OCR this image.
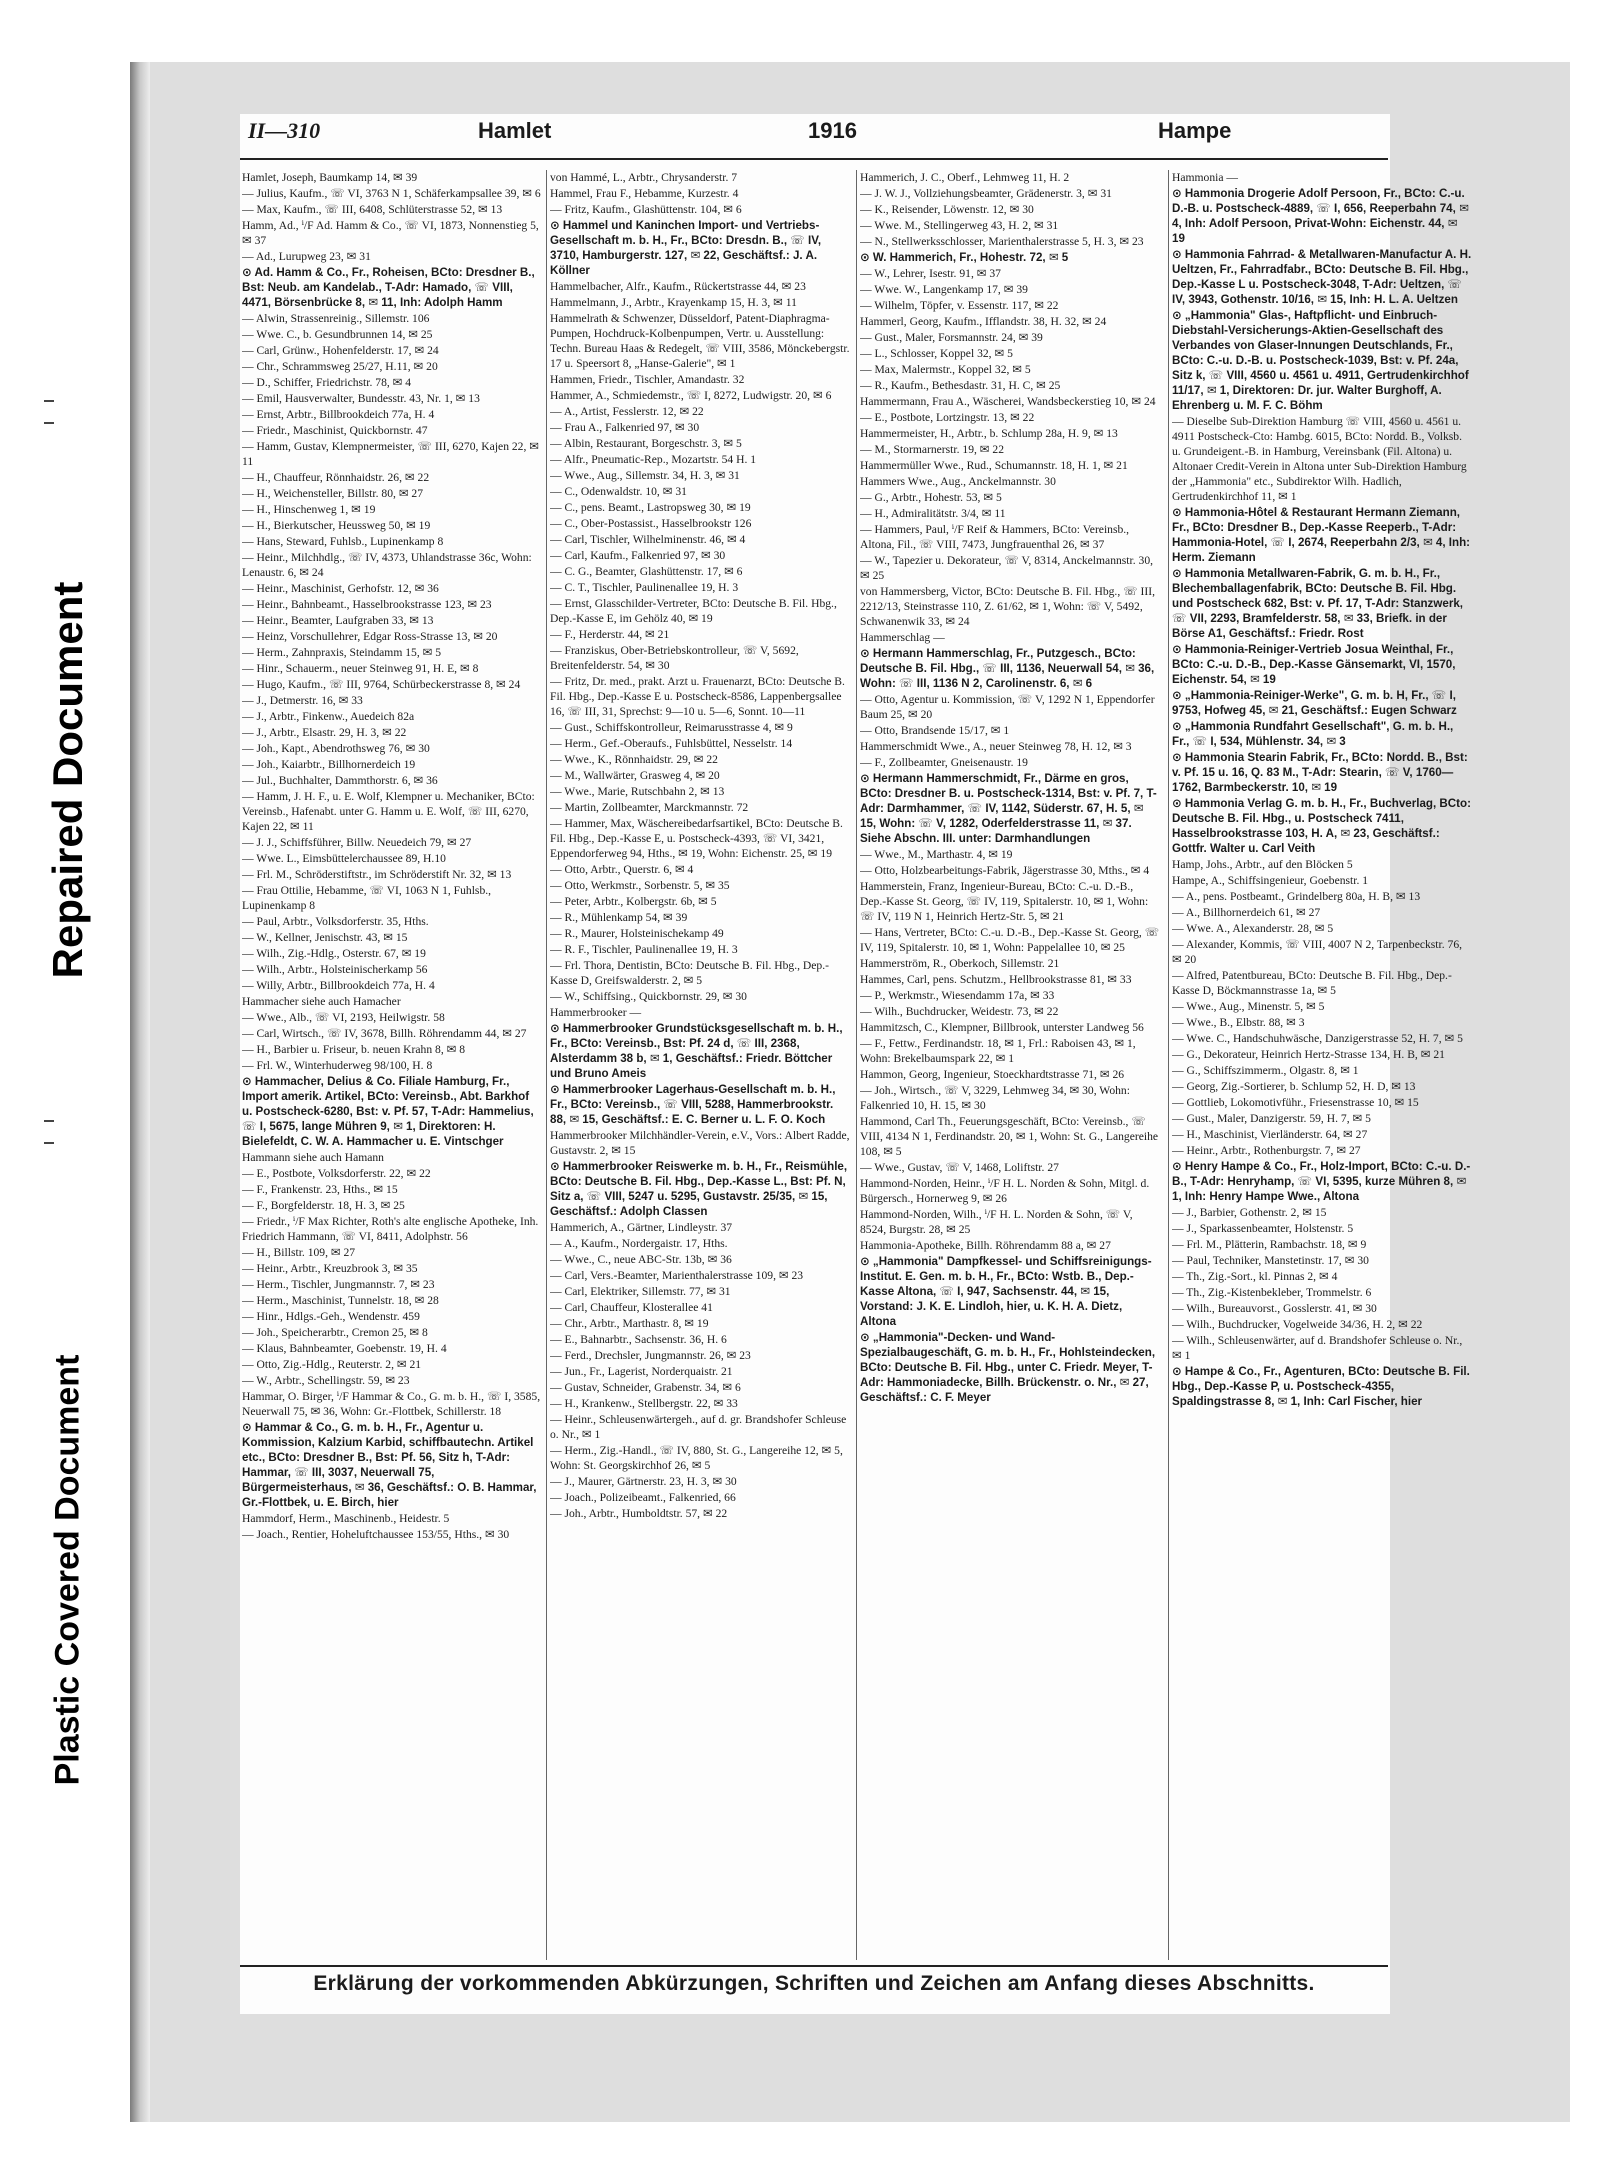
Repaired Document
Plastic Covered Document
II—310	Hamlet	1916	Hampe
Hamlet, Joseph, Baumkamp 14, ✉ 39
— Julius, Kaufm., ☏ VI, 3763 N 1, Schäferkampsallee 39, ✉ 6
— Max, Kaufm., ☏ III, 6408, Schlüterstrasse 52, ✉ 13
Hamm, Ad., ⁱ/F Ad. Hamm & Co., ☏ VI, 1873, Nonnenstieg 5, ✉ 37
— Ad., Lurupweg 23, ✉ 31
⊙ Ad. Hamm & Co., Fr., Roheisen, BCto: Dresdner B., Bst: Neub. am Kandelab., T-Adr: Hamado, ☏ VIII, 4471, Börsenbrücke 8, ✉ 11, Inh: Adolph Hamm
— Alwin, Strassenreinig., Sillemstr. 106
— Wwe. C., b. Gesundbrunnen 14, ✉ 25
— Carl, Grünw., Hohenfelderstr. 17, ✉ 24
— Chr., Schrammsweg 25/27, H.11, ✉ 20
— D., Schiffer, Friedrichstr. 78, ✉ 4
— Emil, Hausverwalter, Bundesstr. 43, Nr. 1, ✉ 13
— Ernst, Arbtr., Billbrookdeich 77a, H. 4
— Friedr., Maschinist, Quickbornstr. 47
— Hamm, Gustav, Klempnermeister, ☏ III, 6270, Kajen 22, ✉ 11
— H., Chauffeur, Rönnhaidstr. 26, ✉ 22
— H., Weichensteller, Billstr. 80, ✉ 27
— H., Hinschenweg 1, ✉ 19
— H., Bierkutscher, Heussweg 50, ✉ 19
— Hans, Steward, Fuhlsb., Lupinenkamp 8
— Heinr., Milchhdlg., ☏ IV, 4373, Uhlandstrasse 36c, Wohn: Lenaustr. 6, ✉ 24
— Heinr., Maschinist, Gerhofstr. 12, ✉ 36
— Heinr., Bahnbeamt., Hasselbrookstrasse 123, ✉ 23
— Heinr., Beamter, Laufgraben 33, ✉ 13
— Heinz, Vorschullehrer, Edgar Ross-Strasse 13, ✉ 20
— Herm., Zahnpraxis, Steindamm 15, ✉ 5
— Hinr., Schauerm., neuer Steinweg 91, H. E, ✉ 8
— Hugo, Kaufm., ☏ III, 9764, Schürbeckerstrasse 8, ✉ 24
— J., Detmerstr. 16, ✉ 33
— J., Arbtr., Finkenw., Auedeich 82a
— J., Arbtr., Elsastr. 29, H. 3, ✉ 22
— Joh., Kapt., Abendrothsweg 76, ✉ 30
— Joh., Kaiarbtr., Billhornerdeich 19
— Jul., Buchhalter, Dammthorstr. 6, ✉ 36
— Hamm, J. H. F., u. E. Wolf, Klempner u. Mechaniker, BCto: Vereinsb., Hafenabt. unter G. Hamm u. E. Wolf, ☏ III, 6270, Kajen 22, ✉ 11
— J. J., Schiffsführer, Billw. Neuedeich 79, ✉ 27
— Wwe. L., Eimsbüttelerchaussee 89, H.10
— Frl. M., Schröderstiftstr., im Schröderstift Nr. 32, ✉ 13
— Frau Ottilie, Hebamme, ☏ VI, 1063 N 1, Fuhlsb., Lupinenkamp 8
— Paul, Arbtr., Volksdorferstr. 35, Hths.
— W., Kellner, Jenischstr. 43, ✉ 15
— Wilh., Zig.-Hdlg., Osterstr. 67, ✉ 19
— Wilh., Arbtr., Holsteinischerkamp 56
— Willy, Arbtr., Billbrookdeich 77a, H. 4
Hammacher siehe auch Hamacher
— Wwe., Alb., ☏ VI, 2193, Heilwigstr. 58
— Carl, Wirtsch., ☏ IV, 3678, Billh. Röhrendamm 44, ✉ 27
— H., Barbier u. Friseur, b. neuen Krahn 8, ✉ 8
— Frl. W., Winterhuderweg 98/100, H. 8
⊙ Hammacher, Delius & Co. Filiale Hamburg, Fr., Import amerik. Artikel, BCto: Vereinsb., Abt. Barkhof u. Postscheck-6280, Bst: v. Pf. 57, T-Adr: Hammelius, ☏ I, 5675, lange Mühren 9, ✉ 1, Direktoren: H. Bielefeldt, C. W. A. Hammacher u. E. Vintschger
Hammann siehe auch Hamann
— E., Postbote, Volksdorferstr. 22, ✉ 22
— F., Frankenstr. 23, Hths., ✉ 15
— F., Borgfelderstr. 18, H. 3, ✉ 25
— Friedr., ⁱ/F Max Richter, Roth's alte englische Apotheke, Inh. Friedrich Hammann, ☏ VI, 8411, Adolphstr. 56
— H., Billstr. 109, ✉ 27
— Heinr., Arbtr., Kreuzbrook 3, ✉ 35
— Herm., Tischler, Jungmannstr. 7, ✉ 23
— Herm., Maschinist, Tunnelstr. 18, ✉ 28
— Hinr., Hdlgs.-Geh., Wendenstr. 459
— Joh., Speicherarbtr., Cremon 25, ✉ 8
— Klaus, Bahnbeamter, Goebenstr. 19, H. 4
— Otto, Zig.-Hdlg., Reuterstr. 2, ✉ 21
— W., Arbtr., Schellingstr. 59, ✉ 23
Hammar, O. Birger, ⁱ/F Hammar & Co., G. m. b. H., ☏ I, 3585, Neuerwall 75, ✉ 36, Wohn: Gr.-Flottbek, Schillerstr. 18
⊙ Hammar & Co., G. m. b. H., Fr., Agentur u. Kommission, Kalzium Karbid, schiffbautechn. Artikel etc., BCto: Dresdner B., Bst: Pf. 56, Sitz h, T-Adr: Hammar, ☏ III, 3037, Neuerwall 75, Bürgermeisterhaus, ✉ 36, Geschäftsf.: O. B. Hammar, Gr.-Flottbek, u. E. Birch, hier
Hammdorf, Herm., Maschinenb., Heidestr. 5
— Joach., Rentier, Hoheluftchaussee 153/55, Hths., ✉ 30
von Hammé, L., Arbtr., Chrysanderstr. 7
Hammel, Frau F., Hebamme, Kurzestr. 4
— Fritz, Kaufm., Glashüttenstr. 104, ✉ 6
⊙ Hammel und Kaninchen Import- und Vertriebs-Gesellschaft m. b. H., Fr., BCto: Dresdn. B., ☏ IV, 3710, Hamburgerstr. 127, ✉ 22, Geschäftsf.: J. A. Köllner
Hammelbacher, Alfr., Kaufm., Rückertstrasse 44, ✉ 23
Hammelmann, J., Arbtr., Krayenkamp 15, H. 3, ✉ 11
Hammelrath & Schwenzer, Düsseldorf, Patent-Diaphragma-Pumpen, Hochdruck-Kolbenpumpen, Vertr. u. Ausstellung: Techn. Bureau Haas & Redegelt, ☏ VIII, 3586, Mönckebergstr. 17 u. Speersort 8, „Hanse-Galerie", ✉ 1
Hammen, Friedr., Tischler, Amandastr. 32
Hammer, A., Schmiedemstr., ☏ I, 8272, Ludwigstr. 20, ✉ 6
— A., Artist, Fesslerstr. 12, ✉ 22
— Frau A., Falkenried 97, ✉ 30
— Albin, Restaurant, Borgeschstr. 3, ✉ 5
— Alfr., Pneumatic-Rep., Mozartstr. 54 H. 1
— Wwe., Aug., Sillemstr. 34, H. 3, ✉ 31
— C., Odenwaldstr. 10, ✉ 31
— C., pens. Beamt., Lastropsweg 30, ✉ 19
— C., Ober-Postassist., Hasselbrookstr 126
— Carl, Tischler, Wilhelminenstr. 46, ✉ 4
— Carl, Kaufm., Falkenried 97, ✉ 30
— C. G., Beamter, Glashüttenstr. 17, ✉ 6
— C. T., Tischler, Paulinenallee 19, H. 3
— Ernst, Glasschilder-Vertreter, BCto: Deutsche B. Fil. Hbg., Dep.-Kasse E, im Gehölz 40, ✉ 19
— F., Herderstr. 44, ✉ 21
— Franziskus, Ober-Betriebskontrolleur, ☏ V, 5692, Breitenfelderstr. 54, ✉ 30
— Fritz, Dr. med., prakt. Arzt u. Frauenarzt, BCto: Deutsche B. Fil. Hbg., Dep.-Kasse E u. Postscheck-8586, Lappenbergsallee 16, ☏ III, 31, Sprechst: 9—10 u. 5—6, Sonnt. 10—11
— Gust., Schiffskontrolleur, Reimarusstrasse 4, ✉ 9
— Herm., Gef.-Oberaufs., Fuhlsbüttel, Nesselstr. 14
— Wwe., K., Rönnhaidstr. 29, ✉ 22
— M., Wallwärter, Grasweg 4, ✉ 20
— Wwe., Marie, Rutschbahn 2, ✉ 13
— Martin, Zollbeamter, Marckmannstr. 72
— Hammer, Max, Wäschereibedarfsartikel, BCto: Deutsche B. Fil. Hbg., Dep.-Kasse E, u. Postscheck-4393, ☏ VI, 3421, Eppendorferweg 94, Hths., ✉ 19, Wohn: Eichenstr. 25, ✉ 19
— Otto, Arbtr., Querstr. 6, ✉ 4
— Otto, Werkmstr., Sorbenstr. 5, ✉ 35
— Peter, Arbtr., Kolbergstr. 6b, ✉ 5
— R., Mühlenkamp 54, ✉ 39
— R., Maurer, Holsteinischekamp 49
— R. F., Tischler, Paulinenallee 19, H. 3
— Frl. Thora, Dentistin, BCto: Deutsche B. Fil. Hbg., Dep.-Kasse D, Greifswalderstr. 2, ✉ 5
— W., Schiffsing., Quickbornstr. 29, ✉ 30
Hammerbrooker —
⊙ Hammerbrooker Grundstücksgesellschaft m. b. H., Fr., BCto: Vereinsb., Bst: Pf. 24 d, ☏ III, 2368, Alsterdamm 38 b, ✉ 1, Geschäftsf.: Friedr. Böttcher und Bruno Ameis
⊙ Hammerbrooker Lagerhaus-Gesellschaft m. b. H., Fr., BCto: Vereinsb., ☏ VIII, 5288, Hammerbrookstr. 88, ✉ 15, Geschäftsf.: E. C. Berner u. L. F. O. Koch
Hammerbrooker Milchhändler-Verein, e.V., Vors.: Albert Radde, Gustavstr. 2, ✉ 15
⊙ Hammerbrooker Reiswerke m. b. H., Fr., Reismühle, BCto: Deutsche B. Fil. Hbg., Dep.-Kasse L., Bst: Pf. N, Sitz a, ☏ VIII, 5247 u. 5295, Gustavstr. 25/35, ✉ 15, Geschäftsf.: Adolph Classen
Hammerich, A., Gärtner, Lindleystr. 37
— A., Kaufm., Nordergaistr. 17, Hths.
— Wwe., C., neue ABC-Str. 13b, ✉ 36
— Carl, Vers.-Beamter, Marienthalerstrasse 109, ✉ 23
— Carl, Elektriker, Sillemstr. 77, ✉ 31
— Carl, Chauffeur, Klosterallee 41
— Chr., Arbtr., Marthastr. 8, ✉ 19
— E., Bahnarbtr., Sachsenstr. 36, H. 6
— Ferd., Drechsler, Jungmannstr. 26, ✉ 23
— Jun., Fr., Lagerist, Norderquaistr. 21
— Gustav, Schneider, Grabenstr. 34, ✉ 6
— H., Krankenw., Stellbergstr. 22, ✉ 33
— Heinr., Schleusenwärtergeh., auf d. gr. Brandshofer Schleuse o. Nr., ✉ 1
— Herm., Zig.-Handl., ☏ IV, 880, St. G., Langereihe 12, ✉ 5, Wohn: St. Georgskirchhof 26, ✉ 5
— J., Maurer, Gärtnerstr. 23, H. 3, ✉ 30
— Joach., Polizeibeamt., Falkenried, 66
— Joh., Arbtr., Humboldtstr. 57, ✉ 22
Hammerich, J. C., Oberf., Lehmweg 11, H. 2
— J. W. J., Vollziehungsbeamter, Grädenerstr. 3, ✉ 31
— K., Reisender, Löwenstr. 12, ✉ 30
— Wwe. M., Stellingerweg 43, H. 2, ✉ 31
— N., Stellwerksschlosser, Marienthalerstrasse 5, H. 3, ✉ 23
⊙ W. Hammerich, Fr., Hohestr. 72, ✉ 5
— W., Lehrer, Isestr. 91, ✉ 37
— Wwe. W., Langenkamp 17, ✉ 39
— Wilhelm, Töpfer, v. Essenstr. 117, ✉ 22
Hammerl, Georg, Kaufm., Ifflandstr. 38, H. 32, ✉ 24
— Gust., Maler, Forsmannstr. 24, ✉ 39
— L., Schlosser, Koppel 32, ✉ 5
— Max, Malermstr., Koppel 32, ✉ 5
— R., Kaufm., Bethesdastr. 31, H. C, ✉ 25
Hammermann, Frau A., Wäscherei, Wandsbeckerstieg 10, ✉ 24
— E., Postbote, Lortzingstr. 13, ✉ 22
Hammermeister, H., Arbtr., b. Schlump 28a, H. 9, ✉ 13
— M., Stormarnerstr. 19, ✉ 22
Hammermüller Wwe., Rud., Schumannstr. 18, H. 1, ✉ 21
Hammers Wwe., Aug., Anckelmannstr. 30
— G., Arbtr., Hohestr. 53, ✉ 5
— H., Admiralitätstr. 3/4, ✉ 11
— Hammers, Paul, ⁱ/F Reif & Hammers, BCto: Vereinsb., Altona, Fil., ☏ VIII, 7473, Jungfrauenthal 26, ✉ 37
— W., Tapezier u. Dekorateur, ☏ V, 8314, Anckelmannstr. 30, ✉ 25
von Hammersberg, Victor, BCto: Deutsche B. Fil. Hbg., ☏ III, 2212/13, Steinstrasse 110, Z. 61/62, ✉ 1, Wohn: ☏ V, 5492, Schwanenwik 33, ✉ 24
Hammerschlag —
⊙ Hermann Hammerschlag, Fr., Putzgesch., BCto: Deutsche B. Fil. Hbg., ☏ III, 1136, Neuerwall 54, ✉ 36, Wohn: ☏ III, 1136 N 2, Carolinenstr. 6, ✉ 6
— Otto, Agentur u. Kommission, ☏ V, 1292 N 1, Eppendorfer Baum 25, ✉ 20
— Otto, Brandsende 15/17, ✉ 1
Hammerschmidt Wwe., A., neuer Steinweg 78, H. 12, ✉ 3
— F., Zollbeamter, Gneisenaustr. 19
⊙ Hermann Hammerschmidt, Fr., Därme en gros, BCto: Dresdner B. u. Postscheck-1314, Bst: v. Pf. 7, T-Adr: Darmhammer, ☏ IV, 1142, Süderstr. 67, H. 5, ✉ 15, Wohn: ☏ V, 1282, Oderfelderstrasse 11, ✉ 37. Siehe Abschn. III. unter: Darmhandlungen
— Wwe., M., Marthastr. 4, ✉ 19
— Otto, Holzbearbeitungs-Fabrik, Jägerstrasse 30, Mths., ✉ 4
Hammerstein, Franz, Ingenieur-Bureau, BCto: C.-u. D.-B., Dep.-Kasse St. Georg, ☏ IV, 119, Spitalerstr. 10, ✉ 1, Wohn: ☏ IV, 119 N 1, Heinrich Hertz-Str. 5, ✉ 21
— Hans, Vertreter, BCto: C.-u. D.-B., Dep.-Kasse St. Georg, ☏ IV, 119, Spitalerstr. 10, ✉ 1, Wohn: Pappelallee 10, ✉ 25
Hammerström, R., Oberkoch, Sillemstr. 21
Hammes, Carl, pens. Schutzm., Hellbrookstrasse 81, ✉ 33
— P., Werkmstr., Wiesendamm 17a, ✉ 33
— Wilh., Buchdrucker, Weidestr. 73, ✉ 22
Hammitzsch, C., Klempner, Billbrook, unterster Landweg 56
— F., Fettw., Ferdinandstr. 18, ✉ 1, Frl.: Raboisen 43, ✉ 1, Wohn: Brekelbaumspark 22, ✉ 1
Hammon, Georg, Ingenieur, Stoeckhardtstrasse 71, ✉ 26
— Joh., Wirtsch., ☏ V, 3229, Lehmweg 34, ✉ 30, Wohn: Falkenried 10, H. 15, ✉ 30
Hammond, Carl Th., Feuerungsgeschäft, BCto: Vereinsb., ☏ VIII, 4134 N 1, Ferdinandstr. 20, ✉ 1, Wohn: St. G., Langereihe 108, ✉ 5
— Wwe., Gustav, ☏ V, 1468, Loliftstr. 27
Hammond-Norden, Heinr., ⁱ/F H. L. Norden & Sohn, Mitgl. d. Bürgersch., Hornerweg 9, ✉ 26
Hammond-Norden, Wilh., ⁱ/F H. L. Norden & Sohn, ☏ V, 8524, Burgstr. 28, ✉ 25
Hammonia-Apotheke, Billh. Röhrendamm 88 a, ✉ 27
⊙ „Hammonia" Dampfkessel- und Schiffsreinigungs-Institut. E. Gen. m. b. H., Fr., BCto: Wstb. B., Dep.-Kasse Altona, ☏ I, 947, Sachsenstr. 44, ✉ 15, Vorstand: J. K. E. Lindloh, hier, u. K. H. A. Dietz, Altona
⊙ „Hammonia"-Decken- und Wand-Spezialbaugeschäft, G. m. b. H., Fr., Hohlsteindecken, BCto: Deutsche B. Fil. Hbg., unter C. Friedr. Meyer, T-Adr: Hammoniadecke, Billh. Brückenstr. o. Nr., ✉ 27, Geschäftsf.: C. F. Meyer
Hammonia —
⊙ Hammonia Drogerie Adolf Persoon, Fr., BCto: C.-u. D.-B. u. Postscheck-4889, ☏ I, 656, Reeperbahn 74, ✉ 4, Inh: Adolf Persoon, Privat-Wohn: Eichenstr. 44, ✉ 19
⊙ Hammonia Fahrrad- & Metallwaren-Manufactur A. H. Ueltzen, Fr., Fahrradfabr., BCto: Deutsche B. Fil. Hbg., Dep.-Kasse L u. Postscheck-3048, T-Adr: Ueltzen, ☏ IV, 3943, Gothenstr. 10/16, ✉ 15, Inh: H. L. A. Ueltzen
⊙ „Hammonia" Glas-, Haftpflicht- und Einbruch-Diebstahl-Versicherungs-Aktien-Gesellschaft des Verbandes von Glaser-Innungen Deutschlands, Fr., BCto: C.-u. D.-B. u. Postscheck-1039, Bst: v. Pf. 24a, Sitz k, ☏ VIII, 4560 u. 4561 u. 4911, Gertrudenkirchhof 11/17, ✉ 1, Direktoren: Dr. jur. Walter Burghoff, A. Ehrenberg u. M. F. C. Böhm
— Dieselbe Sub-Direktion Hamburg ☏ VIII, 4560 u. 4561 u. 4911 Postscheck-Cto: Hambg. 6015, BCto: Nordd. B., Volksb. u. Grundeigent.-B. in Hamburg, Vereinsbank (Fil. Altona) u. Altonaer Credit-Verein in Altona unter Sub-Direktion Hamburg der „Hammonia" etc., Subdirektor Wilh. Hadlich, Gertrudenkirchhof 11, ✉ 1
⊙ Hammonia-Hôtel & Restaurant Hermann Ziemann, Fr., BCto: Dresdner B., Dep.-Kasse Reeperb., T-Adr: Hammonia-Hotel, ☏ I, 2674, Reeperbahn 2/3, ✉ 4, Inh: Herm. Ziemann
⊙ Hammonia Metallwaren-Fabrik, G. m. b. H., Fr., Blechemballagenfabrik, BCto: Deutsche B. Fil. Hbg. und Postscheck 682, Bst: v. Pf. 17, T-Adr: Stanzwerk, ☏ VII, 2293, Bramfelderstr. 58, ✉ 33, Briefk. in der Börse A1, Geschäftsf.: Friedr. Rost
⊙ Hammonia-Reiniger-Vertrieb Josua Weinthal, Fr., BCto: C.-u. D.-B., Dep.-Kasse Gänsemarkt, VI, 1570, Eichenstr. 54, ✉ 19
⊙ „Hammonia-Reiniger-Werke", G. m. b. H, Fr., ☏ I, 9753, Hofweg 45, ✉ 21, Geschäftsf.: Eugen Schwarz
⊙ „Hammonia Rundfahrt Gesellschaft", G. m. b. H., Fr., ☏ I, 534, Mühlenstr. 34, ✉ 3
⊙ Hammonia Stearin Fabrik, Fr., BCto: Nordd. B., Bst: v. Pf. 15 u. 16, Q. 83 M., T-Adr: Stearin, ☏ V, 1760—1762, Barmbeckerstr. 10, ✉ 19
⊙ Hammonia Verlag G. m. b. H., Fr., Buchverlag, BCto: Deutsche B. Fil. Hbg., u. Postscheck 7411, Hasselbrookstrasse 103, H. A, ✉ 23, Geschäftsf.: Gottfr. Walter u. Carl Veith
Hamp, Johs., Arbtr., auf den Blöcken 5
Hampe, A., Schiffsingenieur, Goebenstr. 1
— A., pens. Postbeamt., Grindelberg 80a, H. B, ✉ 13
— A., Billhornerdeich 61, ✉ 27
— Wwe. A., Alexanderstr. 28, ✉ 5
— Alexander, Kommis, ☏ VIII, 4007 N 2, Tarpenbeckstr. 76, ✉ 20
— Alfred, Patentbureau, BCto: Deutsche B. Fil. Hbg., Dep.-Kasse D, Böckmannstrasse 1a, ✉ 5
— Wwe., Aug., Minenstr. 5, ✉ 5
— Wwe., B., Elbstr. 88, ✉ 3
— Wwe. C., Handschuhwäsche, Danzigerstrasse 52, H. 7, ✉ 5
— G., Dekorateur, Heinrich Hertz-Strasse 134, H. B, ✉ 21
— G., Schiffszimmerm., Olgastr. 8, ✉ 1
— Georg, Zig.-Sortierer, b. Schlump 52, H. D, ✉ 13
— Gottlieb, Lokomotivführ., Friesenstrasse 10, ✉ 15
— Gust., Maler, Danzigerstr. 59, H. 7, ✉ 5
— H., Maschinist, Vierländerstr. 64, ✉ 27
— Heinr., Arbtr., Rothenburgstr. 7, ✉ 27
⊙ Henry Hampe & Co., Fr., Holz-Import, BCto: C.-u. D.-B., T-Adr: Henryhamp, ☏ VI, 5395, kurze Mühren 8, ✉ 1, Inh: Henry Hampe Wwe., Altona
— J., Barbier, Gothenstr. 2, ✉ 15
— J., Sparkassenbeamter, Holstenstr. 5
— Frl. M., Plätterin, Rambachstr. 18, ✉ 9
— Paul, Techniker, Manstetinstr. 17, ✉ 30
— Th., Zig.-Sort., kl. Pinnas 2, ✉ 4
— Th., Zig.-Kistenbekleber, Trommelstr. 6
— Wilh., Bureauvorst., Gosslerstr. 41, ✉ 30
— Wilh., Buchdrucker, Vogelweide 34/36, H. 2, ✉ 22
— Wilh., Schleusenwärter, auf d. Brandshofer Schleuse o. Nr., ✉ 1
⊙ Hampe & Co., Fr., Agenturen, BCto: Deutsche B. Fil. Hbg., Dep.-Kasse P, u. Postscheck-4355, Spaldingstrasse 8, ✉ 1, Inh: Carl Fischer, hier
Erklärung der vorkommenden Abkürzungen, Schriften und Zeichen am Anfang dieses Abschnitts.
